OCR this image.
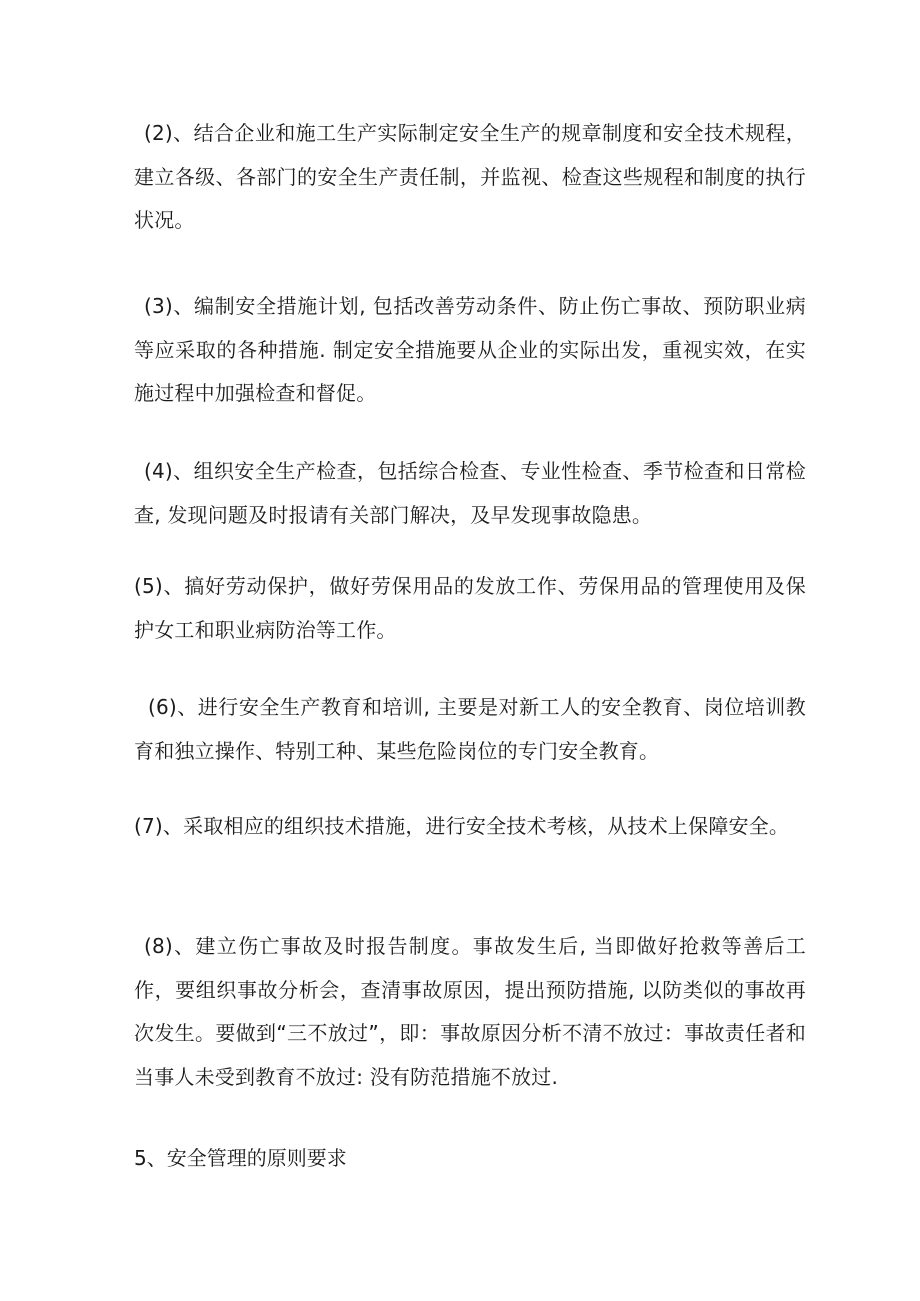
(2)、结合企业和施工生产实际制定安全生产的规章制度和安全技术规程，建立各级、各部门的安全生产责任制，并监视、检查这些规程和制度的执行状况。

(3)、编制安全措施计划, 包括改善劳动条件、防止伤亡事故、预防职业病等应采取的各种措施. 制定安全措施要从企业的实际出发，重视实效，在实施过程中加强检查和督促。

(4)、组织安全生产检查，包括综合检查、专业性检查、季节检查和日常检查, 发现问题及时报请有关部门解决，及早发现事故隐患。

(5)、搞好劳动保护，做好劳保用品的发放工作、劳保用品的管理使用及保护女工和职业病防治等工作。

(6)、进行安全生产教育和培训, 主要是对新工人的安全教育、岗位培训教育和独立操作、特别工种、某些危险岗位的专门安全教育。

(7)、采取相应的组织技术措施，进行安全技术考核，从技术上保障安全。

(8)、建立伤亡事故及时报告制度。事故发生后, 当即做好抢救等善后工作，要组织事故分析会，查清事故原因，提出预防措施, 以防类似的事故再次发生。要做到“三不放过”，即：事故原因分析不清不放过：事故责任者和当事人未受到教育不放过: 没有防范措施不放过.

5、安全管理的原则要求
